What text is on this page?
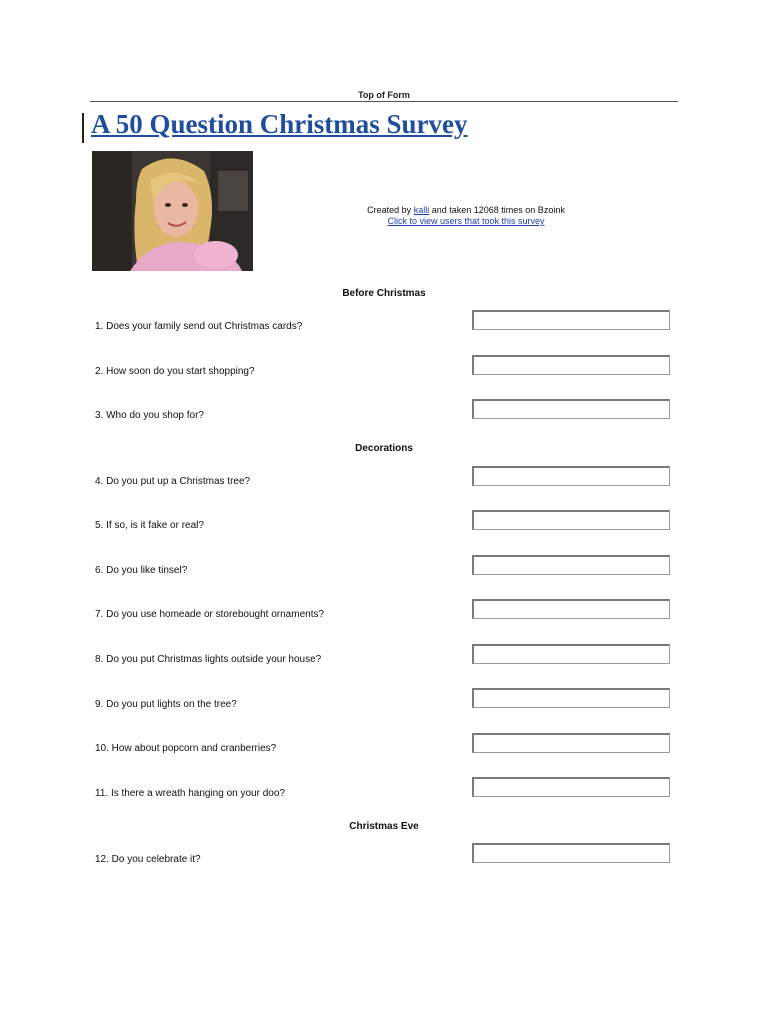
Top of Form
A 50 Question Christmas Survey
Created by kalli and taken 12068 times on Bzoink
Click to view users that took this survey
Before Christmas
1. Does your family send out Christmas cards?
2. How soon do you start shopping?
3. Who do you shop for?
Decorations
4. Do you put up a Christmas tree?
5. If so, is it fake or real?
6. Do you like tinsel?
7. Do you use homeade or storebought ornaments?
8. Do you put Christmas lights outside your house?
9. Do you put lights on the tree?
10. How about popcorn and cranberries?
11. Is there a wreath hanging on your doo?
Christmas Eve
12. Do you celebrate it?
